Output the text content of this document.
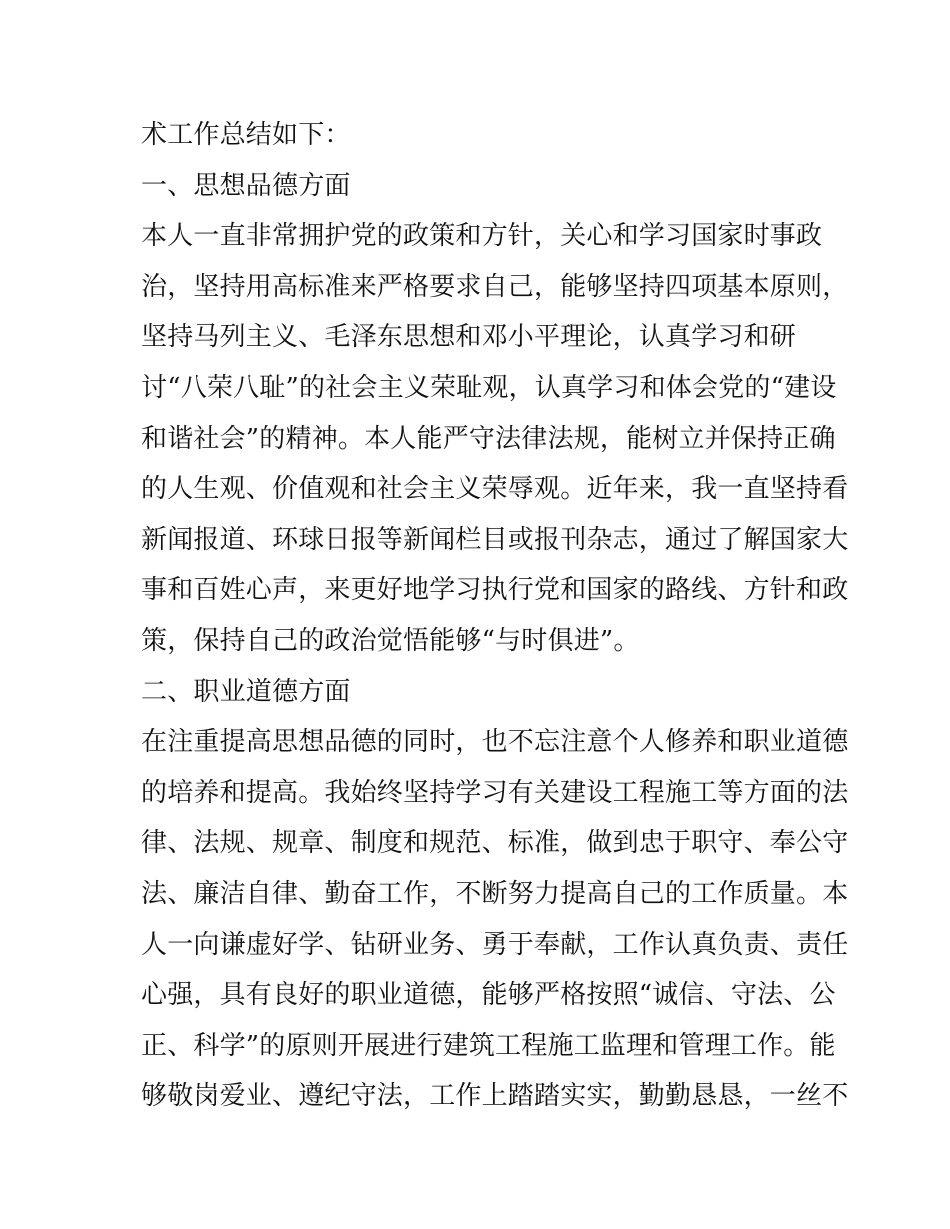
术工作总结如下：
一、思想品德方面
本人一直非常拥护党的政策和方针，关心和学习国家时事政
治，坚持用高标准来严格要求自己，能够坚持四项基本原则，
坚持马列主义、毛泽东思想和邓小平理论，认真学习和研
讨“八荣八耻”的社会主义荣耻观，认真学习和体会党的“建设
和谐社会”的精神。本人能严守法律法规，能树立并保持正确
的人生观、价值观和社会主义荣辱观。近年来，我一直坚持看
新闻报道、环球日报等新闻栏目或报刊杂志，通过了解国家大
事和百姓心声，来更好地学习执行党和国家的路线、方针和政
策，保持自己的政治觉悟能够“与时俱进”。
二、职业道德方面
在注重提高思想品德的同时，也不忘注意个人修养和职业道德
的培养和提高。我始终坚持学习有关建设工程施工等方面的法
律、法规、规章、制度和规范、标准，做到忠于职守、奉公守
法、廉洁自律、勤奋工作，不断努力提高自己的工作质量。本
人一向谦虚好学、钻研业务、勇于奉献，工作认真负责、责任
心强，具有良好的职业道德，能够严格按照“诚信、守法、公
正、科学”的原则开展进行建筑工程施工监理和管理工作。能
够敬岗爱业、遵纪守法，工作上踏踏实实，勤勤恳恳，一丝不
